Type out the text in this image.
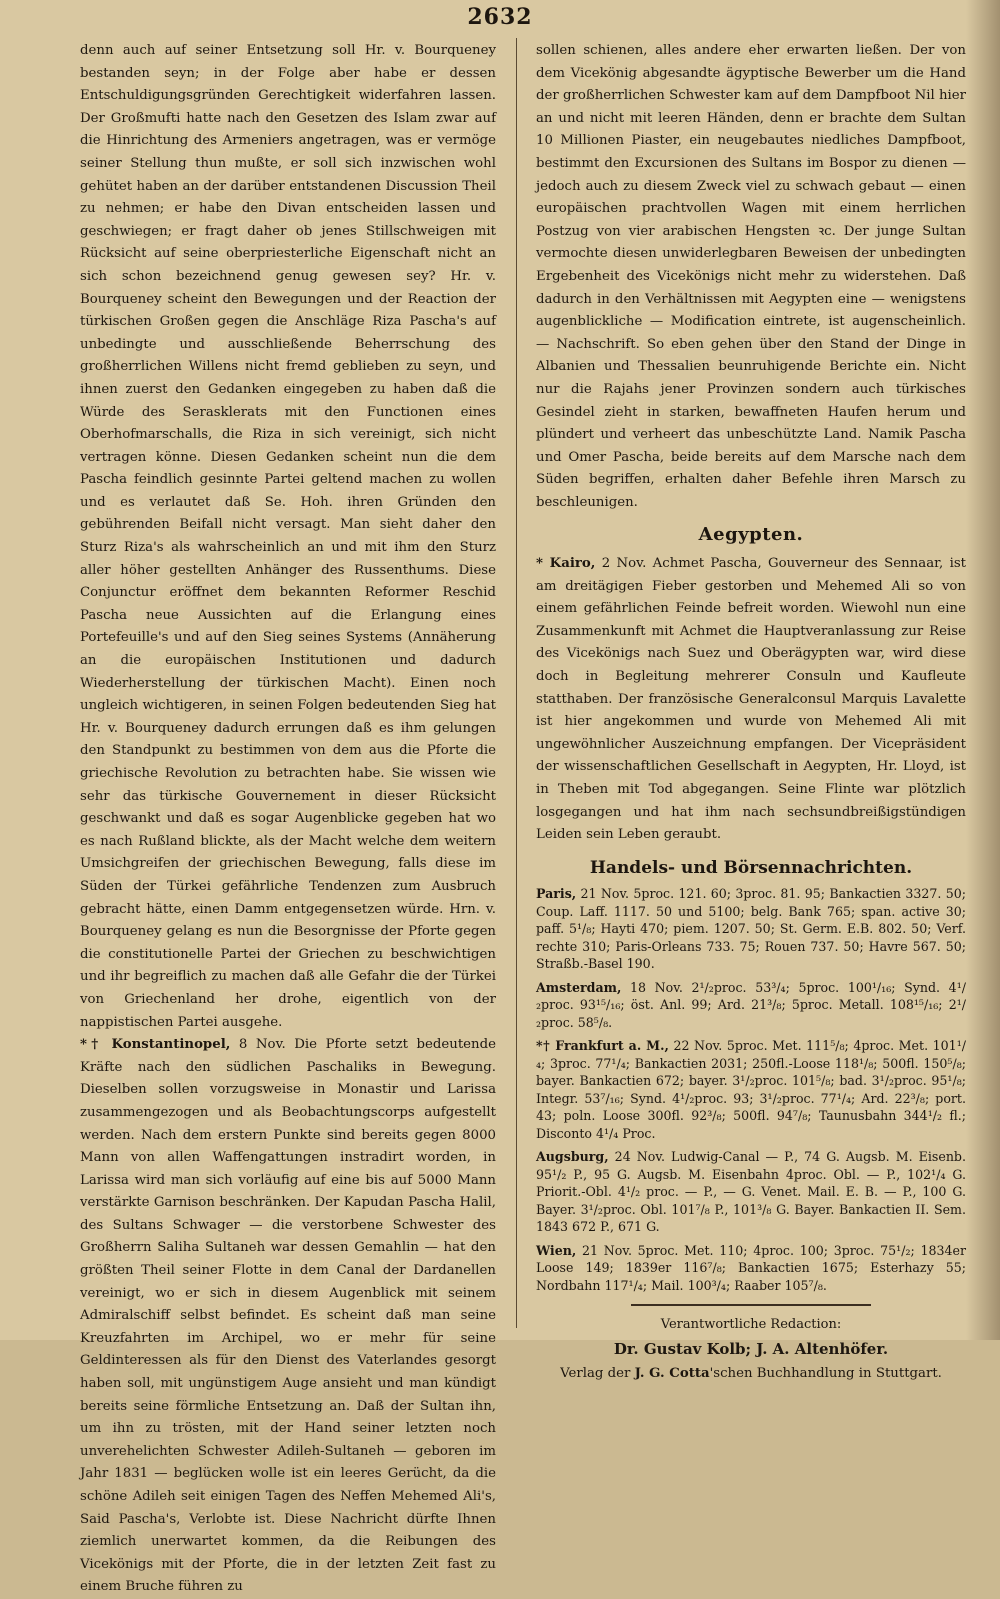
2632

denn auch auf seiner Entsetzung soll Hr. v. Bourqueney bestanden seyn; in der Folge aber habe er dessen Entschuldigungsgründen Gerechtigkeit widerfahren lassen. Der Großmufti hatte nach den Gesetzen des Islam zwar auf die Hinrichtung des Armeniers angetragen, was er vermöge seiner Stellung thun mußte, er soll sich inzwischen wohl gehütet haben an der darüber entstandenen Discussion Theil zu nehmen; er habe den Divan entscheiden lassen und geschwiegen; er fragt daher ob jenes Stillschweigen mit Rücksicht auf seine oberpriesterliche Eigenschaft nicht an sich schon bezeichnend genug gewesen sey? Hr. v. Bourqueney scheint den Bewegungen und der Reaction der türkischen Großen gegen die Anschläge Riza Pascha's auf unbedingte und ausschließende Beherrschung des großherrlichen Willens nicht fremd geblieben zu seyn, und ihnen zuerst den Gedanken eingegeben zu haben daß die Würde des Serasklerats mit den Functionen eines Oberhofmarschalls, die Riza in sich vereinigt, sich nicht vertragen könne. Diesen Gedanken scheint nun die dem Pascha feindlich gesinnte Partei geltend machen zu wollen und es verlautet daß Se. Hoh. ihren Gründen den gebührenden Beifall nicht versagt. Man sieht daher den Sturz Riza's als wahrscheinlich an und mit ihm den Sturz aller höher gestellten Anhänger des Russenthums. Diese Conjunctur eröffnet dem bekannten Reformer Reschid Pascha neue Aussichten auf die Erlangung eines Portefeuille's und auf den Sieg seines Systems (Annäherung an die europäischen Institutionen und dadurch Wiederherstellung der türkischen Macht). Einen noch ungleich wichtigeren, in seinen Folgen bedeutenden Sieg hat Hr. v. Bourqueney dadurch errungen daß es ihm gelungen den Standpunkt zu bestimmen von dem aus die Pforte die griechische Revolution zu betrachten habe. Sie wissen wie sehr das türkische Gouvernement in dieser Rücksicht geschwankt und daß es sogar Augenblicke gegeben hat wo es nach Rußland blickte, als der Macht welche dem weitern Umsichgreifen der griechischen Bewegung, falls diese im Süden der Türkei gefährliche Tendenzen zum Ausbruch gebracht hätte, einen Damm entgegensetzen würde. Hrn. v. Bourqueney gelang es nun die Besorgnisse der Pforte gegen die constitutionelle Partei der Griechen zu beschwichtigen und ihr begreiflich zu machen daß alle Gefahr die der Türkei von Griechenland her drohe, eigentlich von der nappistischen Partei ausgehe.

*† Konstantinopel, 8 Nov. Die Pforte setzt bedeutende Kräfte nach den südlichen Paschaliks in Bewegung. Dieselben sollen vorzugsweise in Monastir und Larissa zusammengezogen und als Beobachtungscorps aufgestellt werden. Nach dem erstern Punkte sind bereits gegen 8000 Mann von allen Waffengattungen instradirt worden, in Larissa wird man sich vorläufig auf eine bis auf 5000 Mann verstärkte Garnison beschränken. Der Kapudan Pascha Halil, des Sultans Schwager — die verstorbene Schwester des Großherrn Saliha Sultaneh war dessen Gemahlin — hat den größten Theil seiner Flotte in dem Canal der Dardanellen vereinigt, wo er sich in diesem Augenblick mit seinem Admiralschiff selbst befindet. Es scheint daß man seine Kreuzfahrten im Archipel, wo er mehr für seine Geldinteressen als für den Dienst des Vaterlandes gesorgt haben soll, mit ungünstigem Auge ansieht und man kündigt bereits seine förmliche Entsetzung an. Daß der Sultan ihn, um ihn zu trösten, mit der Hand seiner letzten noch unverehelichten Schwester Adileh-Sultaneh — geboren im Jahr 1831 — beglücken wolle ist ein leeres Gerücht, da die schöne Adileh seit einigen Tagen des Neffen Mehemed Ali's, Said Pascha's, Verlobte ist. Diese Nachricht dürfte Ihnen ziemlich unerwartet kommen, da die Reibungen des Vicekönigs mit der Pforte, die in der letzten Zeit fast zu einem Bruche führen zu

sollen schienen, alles andere eher erwarten ließen. Der von dem Vicekönig abgesandte ägyptische Bewerber um die Hand der großherrlichen Schwester kam auf dem Dampfboot Nil hier an und nicht mit leeren Händen, denn er brachte dem Sultan 10 Millionen Piaster, ein neugebautes niedliches Dampfboot, bestimmt den Excursionen des Sultans im Bospor zu dienen — jedoch auch zu diesem Zweck viel zu schwach gebaut — einen europäischen prachtvollen Wagen mit einem herrlichen Postzug von vier arabischen Hengsten ꝛc. Der junge Sultan vermochte diesen unwiderlegbaren Beweisen der unbedingten Ergebenheit des Vicekönigs nicht mehr zu widerstehen. Daß dadurch in den Verhältnissen mit Aegypten eine — wenigstens augenblickliche — Modification eintrete, ist augenscheinlich. — Nachschrift. So eben gehen über den Stand der Dinge in Albanien und Thessalien beunruhigende Berichte ein. Nicht nur die Rajahs jener Provinzen sondern auch türkisches Gesindel zieht in starken, bewaffneten Haufen herum und plündert und verheert das unbeschützte Land. Namik Pascha und Omer Pascha, beide bereits auf dem Marsche nach dem Süden begriffen, erhalten daher Befehle ihren Marsch zu beschleunigen.

Aegypten.

* Kairo, 2 Nov. Achmet Pascha, Gouverneur des Sennaar, ist am dreitägigen Fieber gestorben und Mehemed Ali so von einem gefährlichen Feinde befreit worden. Wiewohl nun eine Zusammenkunft mit Achmet die Hauptveranlassung zur Reise des Vicekönigs nach Suez und Oberägypten war, wird diese doch in Begleitung mehrerer Consuln und Kaufleute statthaben. Der französische Generalconsul Marquis Lavalette ist hier angekommen und wurde von Mehemed Ali mit ungewöhnlicher Auszeichnung empfangen. Der Vicepräsident der wissenschaftlichen Gesellschaft in Aegypten, Hr. Lloyd, ist in Theben mit Tod abgegangen. Seine Flinte war plötzlich losgegangen und hat ihm nach sechsundbreißigstündigen Leiden sein Leben geraubt.

Handels- und Börsennachrichten.

Paris, 21 Nov. 5proc. 121. 60; 3proc. 81. 95; Bankactien 3327. 50; Coup. Laff. 1117. 50 und 5100; belg. Bank 765; span. active 30; paff. 5¹/₈; Hayti 470; piem. 1207. 50; St. Germ. E.B. 802. 50; Verf. rechte 310; Paris-Orleans 733. 75; Rouen 737. 50; Havre 567. 50; Straßb.-Basel 190.

Amsterdam, 18 Nov. 2¹/₂proc. 53³/₄; 5proc. 100¹/₁₆; Synd. 4¹/₂proc. 93¹⁵/₁₆; öst. Anl. 99; Ard. 21³/₈; 5proc. Metall. 108¹⁵/₁₆; 2¹/₂proc. 58⁵/₈.

*† Frankfurt a. M., 22 Nov. 5proc. Met. 111⁵/₈; 4proc. Met. 101¹/₄; 3proc. 77¹/₄; Bankactien 2031; 250fl.-Loose 118¹/₈; 500fl. 150⁵/₈; bayer. Bankactien 672; bayer. 3¹/₂proc. 101⁵/₈; bad. 3¹/₂proc. 95¹/₈; Integr. 53⁷/₁₆; Synd. 4¹/₂proc. 93; 3¹/₂proc. 77¹/₄; Ard. 22³/₈; port. 43; poln. Loose 300fl. 92³/₈; 500fl. 94⁷/₈; Taunusbahn 344¹/₂ fl.; Disconto 4¹/₄ Proc.

Augsburg, 24 Nov. Ludwig-Canal — P., 74 G. Augsb. M. Eisenb. 95¹/₂ P., 95 G. Augsb. M. Eisenbahn 4proc. Obl. — P., 102¹/₄ G. Priorit.-Obl. 4¹/₂ proc. — P., — G. Venet. Mail. E. B. — P., 100 G. Bayer. 3¹/₂proc. Obl. 101⁷/₈ P., 101³/₈ G. Bayer. Bankactien II. Sem. 1843 672 P., 671 G.

Wien, 21 Nov. 5proc. Met. 110; 4proc. 100; 3proc. 75¹/₂; 1834er Loose 149; 1839er 116⁷/₈; Bankactien 1675; Esterhazy 55; Nordbahn 117¹/₄; Mail. 100³/₄; Raaber 105⁷/₈.

Verantwortliche Redaction:
Dr. Gustav Kolb; J. A. Altenhöfer.
Verlag der J. G. Cotta'schen Buchhandlung in Stuttgart.
